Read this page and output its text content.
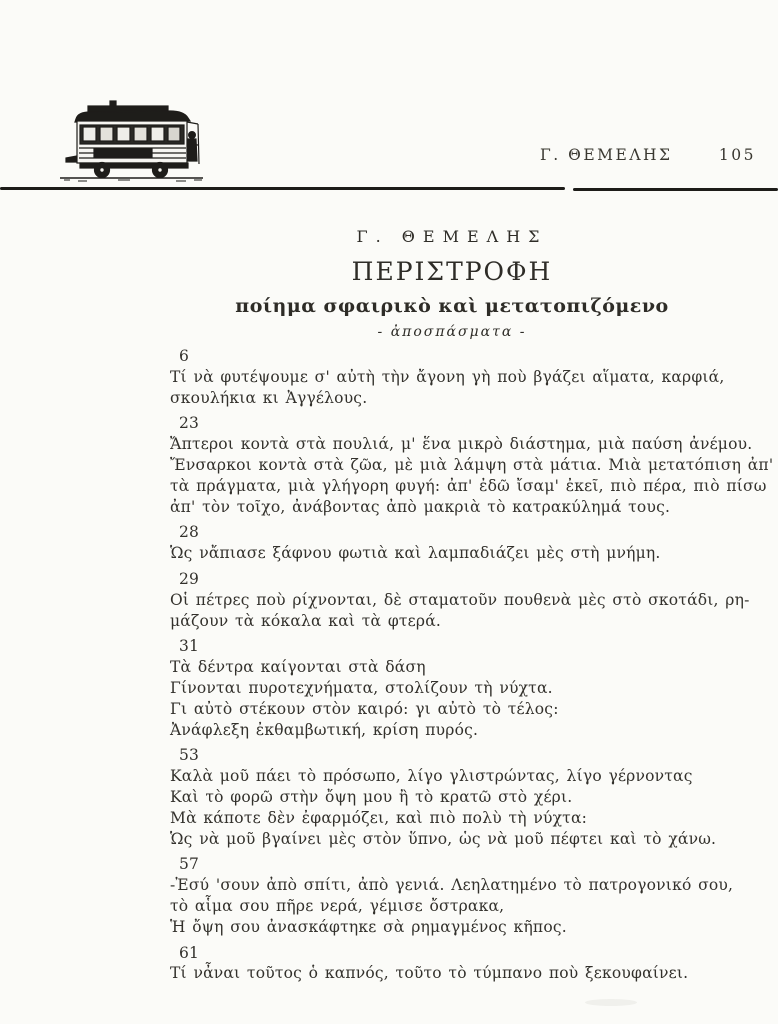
Γ. ΘΕΜΕΛΗΣ	105
Γ. ΘΕΜΕΛΗΣ
ΠΕΡΙΣΤΡΟΦΗ
ποίημα σφαιρικὸ καὶ μετατοπιζόμενο
- ἀποσπάσματα -
6
Τί νὰ φυτέψουμε σ' αὐτὴ τὴν ἄγονη γὴ ποὺ βγάζει αἵματα, καρφιά,
σκουλήκια κι Ἀγγέλους.
23
Ἄπτεροι κοντὰ στὰ πουλιά, μ' ἕνα μικρὸ διάστημα, μιὰ παύση ἀνέμου.
Ἔνσαρκοι κοντὰ στὰ ζῶα, μὲ μιὰ λάμψη στὰ μάτια. Μιὰ μετατόπιση ἀπ'
τὰ πράγματα, μιὰ γλήγορη φυγή: ἀπ' ἐδῶ ἴσαμ' ἐκεῖ, πιὸ πέρα, πιὸ πίσω
ἀπ' τὸν τοῖχο, ἀνάβοντας ἀπὸ μακριὰ τὸ κατρακύλημά τους.
28
Ὡς νἄπιασε ξάφνου φωτιὰ καὶ λαμπαδιάζει μὲς στὴ μνήμη.
29
Οἱ πέτρες ποὺ ρίχνονται, δὲ σταματοῦν πουθενὰ μὲς στὸ σκοτάδι, ρη-
μάζουν τὰ κόκαλα καὶ τὰ φτερά.
31
Τὰ δέντρα καίγονται στὰ δάση
Γίνονται πυροτεχνήματα, στολίζουν τὴ νύχτα.
Γι αὐτὸ στέκουν στὸν καιρό: γι αὐτὸ τὸ τέλος:
Ἀνάφλεξη ἐκθαμβωτική, κρίση πυρός.
53
Καλὰ μοῦ πάει τὸ πρόσωπο, λίγο γλιστρώντας, λίγο γέρνοντας
Καὶ τὸ φορῶ στὴν ὄψη μου ἢ τὸ κρατῶ στὸ χέρι.
Μὰ κάποτε δὲν ἐφαρμόζει, καὶ πιὸ πολὺ τὴ νύχτα:
Ὡς νὰ μοῦ βγαίνει μὲς στὸν ὕπνο, ὡς νὰ μοῦ πέφτει καὶ τὸ χάνω.
57
-Ἐσύ 'σουν ἀπὸ σπίτι, ἀπὸ γενιά. Λεηλατημένο τὸ πατρογονικό σου,
τὸ αἷμα σου πῆρε νερά, γέμισε ὄστρακα,
Ἡ ὄψη σου ἀνασκάφτηκε σὰ ρημαγμένος κῆπος.
61
Τί νἆναι τοῦτος ὁ καπνός, τοῦτο τὸ τύμπανο ποὺ ξεκουφαίνει.
